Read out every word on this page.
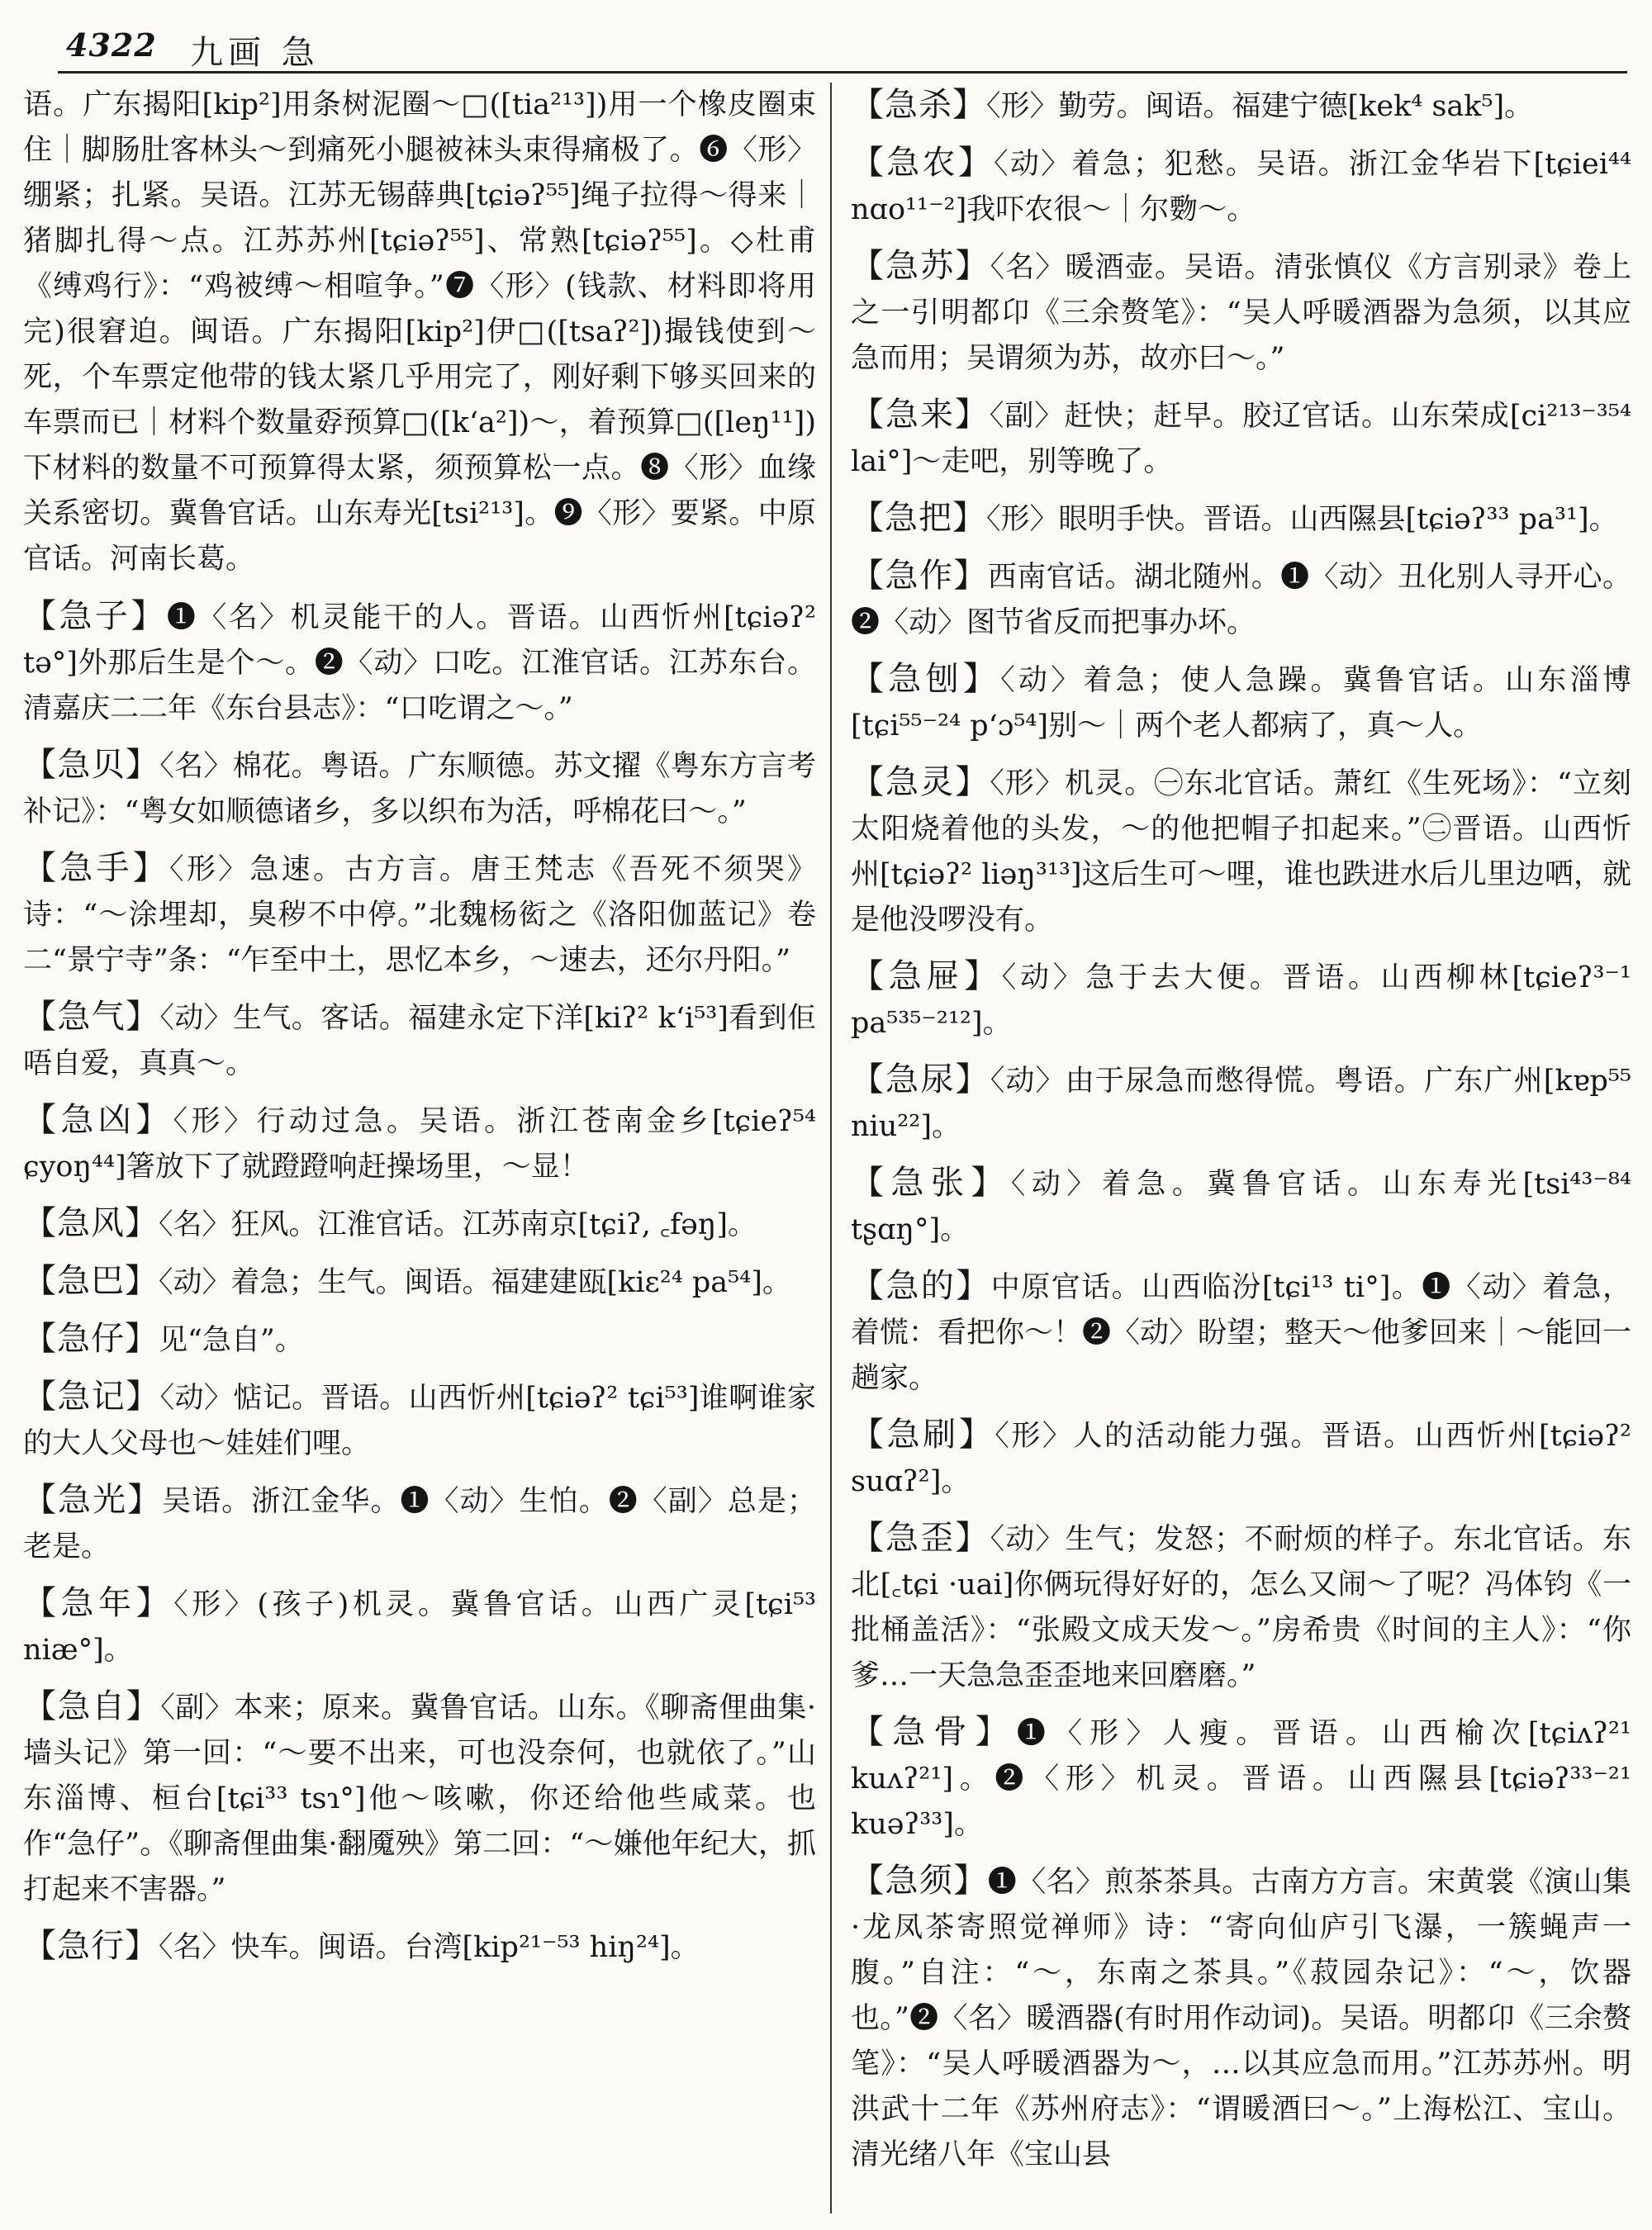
4322 九画 急

语。广东揭阳[kip²]用条树泥圈～□([tia²¹³])用一个橡皮圈束住｜脚肠肚客林头～到痛死小腿被袜头束得痛极了。❻〈形〉绷紧；扎紧。吴语。江苏无锡薛典[tɕiəʔ⁵⁵]绳子拉得～得来｜猪脚扎得～点。江苏苏州[tɕiəʔ⁵⁵]、常熟[tɕiəʔ⁵⁵]。◇杜甫《缚鸡行》：“鸡被缚～相喧争。”❼〈形〉(钱款、材料即将用完)很窘迫。闽语。广东揭阳[kip²]伊□([tsaʔ²])撮钱使到～死，个车票定他带的钱太紧几乎用完了，刚好剩下够买回来的车票而已｜材料个数量孬预算□([k‘a²])～，着预算□([leŋ¹¹])下材料的数量不可预算得太紧，须预算松一点。❽〈形〉血缘关系密切。冀鲁官话。山东寿光[tsi²¹³]。❾〈形〉要紧。中原官话。河南长葛。

【急子】❶〈名〉机灵能干的人。晋语。山西忻州[tɕiəʔ² tə°]外那后生是个～。❷〈动〉口吃。江淮官话。江苏东台。清嘉庆二二年《东台县志》：“口吃谓之～。”

【急贝】〈名〉棉花。粤语。广东顺德。苏文擢《粤东方言考补记》：“粤女如顺德诸乡，多以织布为活，呼棉花曰～。”

【急手】〈形〉急速。古方言。唐王梵志《吾死不须哭》诗：“～涂埋却，臭秽不中停。”北魏杨衒之《洛阳伽蓝记》卷二“景宁寺”条：“乍至中土，思忆本乡，～速去，还尔丹阳。”

【急气】〈动〉生气。客话。福建永定下洋[kiʔ² k‘i⁵³]看到佢唔自爱，真真～。

【急凶】〈形〉行动过急。吴语。浙江苍南金乡[tɕieʔ⁵⁴ ɕyoŋ⁴⁴]箸放下了就蹬蹬响赶操场里，～显！

【急风】〈名〉狂风。江淮官话。江苏南京[tɕiʔ, ꜀fəŋ]。

【急巴】〈动〉着急；生气。闽语。福建建瓯[kiɛ²⁴ pa⁵⁴]。

【急仔】见“急自”。

【急记】〈动〉惦记。晋语。山西忻州[tɕiəʔ² tɕi⁵³]谁啊谁家的大人父母也～娃娃们哩。

【急光】吴语。浙江金华。❶〈动〉生怕。❷〈副〉总是；老是。

【急年】〈形〉(孩子)机灵。冀鲁官话。山西广灵[tɕi⁵³ niæ°]。

【急自】〈副〉本来；原来。冀鲁官话。山东。《聊斋俚曲集·墙头记》第一回：“～要不出来，可也没奈何，也就依了。”山东淄博、桓台[tɕi³³ tsɿ°]他～咳嗽，你还给他些咸菜。也作“急仔”。《聊斋俚曲集·翻魇殃》第二回：“～嫌他年纪大，抓打起来不害器。”

【急行】〈名〉快车。闽语。台湾[kip²¹⁻⁵³ hiŋ²⁴]。

【急杀】〈形〉勤劳。闽语。福建宁德[kek⁴ sak⁵]。

【急农】〈动〉着急；犯愁。吴语。浙江金华岩下[tɕiei⁴⁴ nɑo¹¹⁻²]我吓农很～｜尔覅～。

【急苏】〈名〉暖酒壶。吴语。清张慎仪《方言别录》卷上之一引明都卬《三余赘笔》：“吴人呼暖酒器为急须，以其应急而用；吴谓须为苏，故亦曰～。”

【急来】〈副〉赶快；赶早。胶辽官话。山东荣成[ci²¹³⁻³⁵⁴ lai°]～走吧，别等晚了。

【急把】〈形〉眼明手快。晋语。山西隰县[tɕiəʔ³³ pa³¹]。

【急作】西南官话。湖北随州。❶〈动〉丑化别人寻开心。❷〈动〉图节省反而把事办坏。

【急刨】〈动〉着急；使人急躁。冀鲁官话。山东淄博[tɕi⁵⁵⁻²⁴ p‘ɔ⁵⁴]别～｜两个老人都病了，真～人。

【急灵】〈形〉机灵。㊀东北官话。萧红《生死场》：“立刻太阳烧着他的头发，～的他把帽子扣起来。”㊁晋语。山西忻州[tɕiəʔ² liəŋ³¹³]这后生可～哩，谁也跌进水后儿里边哂，就是他没啰没有。

【急屉】〈动〉急于去大便。晋语。山西柳林[tɕieʔ³⁻¹ pa⁵³⁵⁻²¹²]。

【急尿】〈动〉由于尿急而憋得慌。粤语。广东广州[kɐp⁵⁵ niu²²]。

【急张】〈动〉着急。冀鲁官话。山东寿光[tsi⁴³⁻⁸⁴ tʂɑŋ°]。

【急的】中原官话。山西临汾[tɕi¹³ ti°]。❶〈动〉着急，着慌：看把你～！❷〈动〉盼望；整天～他爹回来｜～能回一趟家。

【急刷】〈形〉人的活动能力强。晋语。山西忻州[tɕiəʔ² suɑʔ²]。

【急歪】〈动〉生气；发怒；不耐烦的样子。东北官话。东北[꜀tɕi ·uai]你俩玩得好好的，怎么又闹～了呢？冯体钧《一批桶盖活》：“张殿文成天发～。”房希贵《时间的主人》：“你爹…一天急急歪歪地来回磨磨。”

【急骨】❶〈形〉人瘦。晋语。山西榆次[tɕiʌʔ²¹ kuʌʔ²¹]。❷〈形〉机灵。晋语。山西隰县[tɕiəʔ³³⁻²¹ kuəʔ³³]。

【急须】❶〈名〉煎茶茶具。古南方方言。宋黄裳《演山集·龙凤茶寄照觉禅师》诗：“寄向仙庐引飞瀑，一簇蝇声一腹。”自注：“～，东南之茶具。”《菽园杂记》：“～，饮器也。”❷〈名〉暖酒器(有时用作动词)。吴语。明都卬《三余赘笔》：“吴人呼暖酒器为～，…以其应急而用。”江苏苏州。明洪武十二年《苏州府志》：“谓暖酒曰～。”上海松江、宝山。清光绪八年《宝山县
